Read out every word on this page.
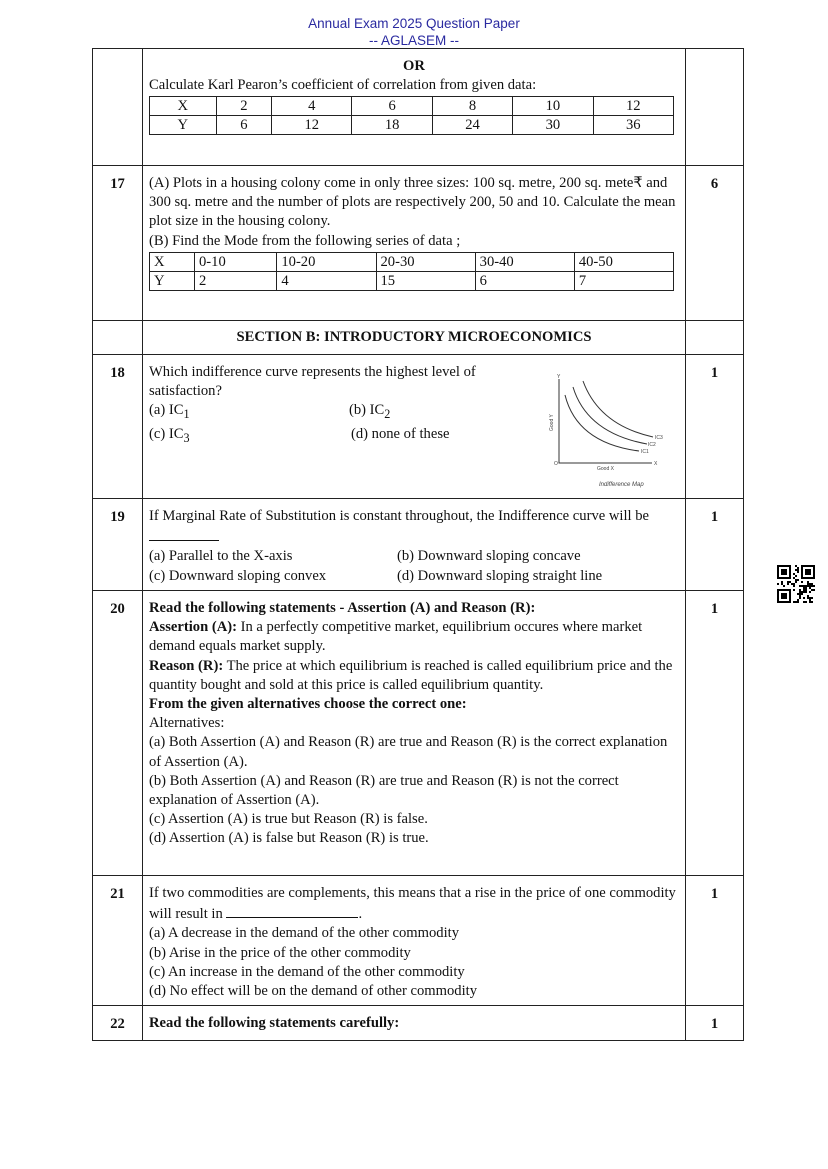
Annual Exam 2025 Question Paper
-- AGLASEM --

OR
Calculate Karl Pearon’s coefficient of correlation from given data:
X	2	4	6	8	10	12
Y	6	12	18	24	30	36

17	(A) Plots in a housing colony come in only three sizes: 100 sq. metre, 200 sq. mete₹ and 300 sq. metre and the number of plots are respectively 200, 50 and 10. Calculate the mean plot size in the housing colony.
(B) Find the Mode from the following series of data ;
X	0-10	10-20	20-30	30-40	40-50
Y	2	4	15	6	7
	6
	SECTION B: INTRODUCTORY MICROECONOMICS	
18	Which indifference curve represents the highest level of satisfaction?
(a) $IC_1$	(b) $IC_2$
(c) $IC_3$	(d) none of these
Good Y
Good X
IC1
IC2
IC3
O	X
Y
Indifference Map
	1
19	If Marginal Rate of Substitution is constant throughout, the Indifference curve will be
(a) Parallel to the X-axis	(b) Downward sloping concave
(c) Downward sloping convex	(d) Downward sloping straight line
	1
20	Read the following statements - Assertion (A) and Reason (R):
Assertion (A): In a perfectly competitive market, equilibrium occures where market demand equals market supply.
Reason (R): The price at which equilibrium is reached is called equilibrium price and the quantity bought and sold at this price is called equilibrium quantity.
From the given alternatives choose the correct one:
Alternatives:
(a) Both Assertion (A) and Reason (R) are true and Reason (R) is the correct explanation       of Assertion (A).
(b) Both Assertion (A) and Reason (R) are true and Reason (R) is not the correct       explanation of Assertion (A).
(c) Assertion (A) is true but Reason (R) is false.
(d) Assertion (A) is false but Reason (R) is true.
	1
21	If two commodities are complements, this means that a rise in the price of one commodity will result in	.
(a) A decrease in the demand of the other commodity
(b) Arise in the price of the other commodity
(c) An increase in the demand of the other commodity
(d) No effect will be on the demand of other commodity
	1
22	Read the following statements carefully:	1
